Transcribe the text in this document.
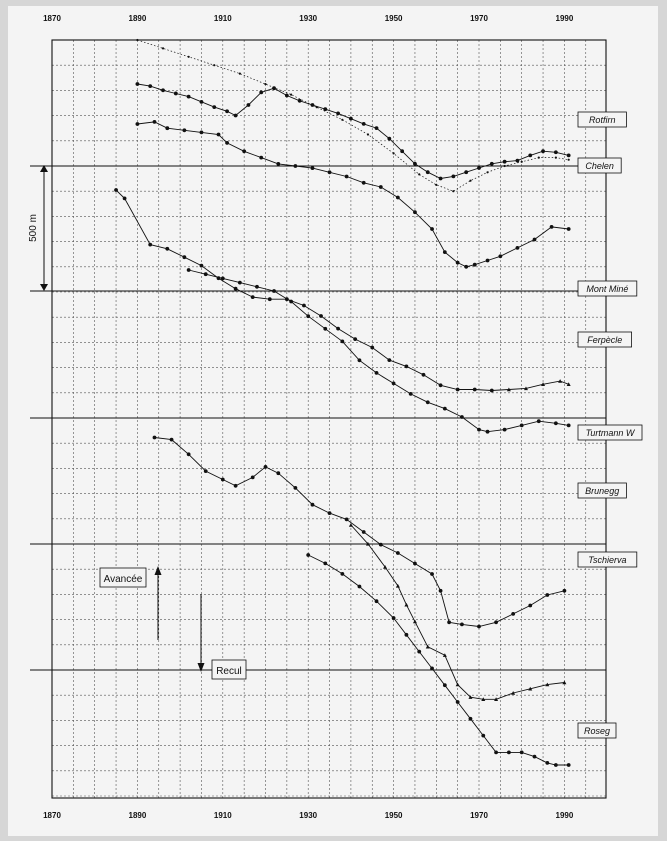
1870	1890	1910	1930	1950	1970	1990
1870	1890	1910	1930	1950	1970	1990
Rotfirn
Chelen
Mont Miné
Ferpècle
Turtmann W
Brunegg
Tschierva
Roseg
500 m
Avancée
Recul
